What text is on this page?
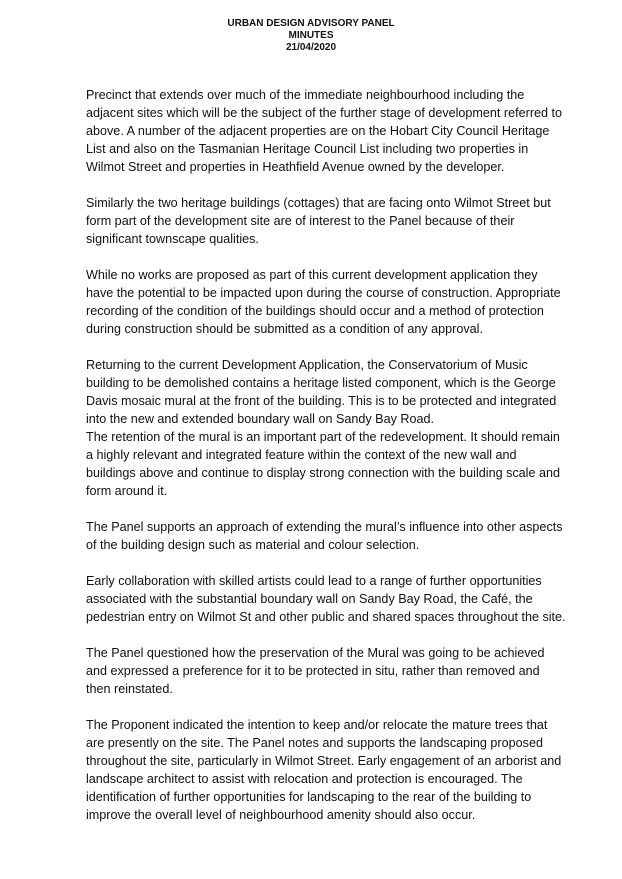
URBAN DESIGN ADVISORY PANEL
MINUTES
21/04/2020

Precinct that extends over much of the immediate neighbourhood including the adjacent sites which will be the subject of the further stage of development referred to above. A number of the adjacent properties are on the Hobart City Council Heritage List and also on the Tasmanian Heritage Council List including two properties in Wilmot Street and properties in Heathfield Avenue owned by the developer.

Similarly the two heritage buildings (cottages) that are facing onto Wilmot Street but form part of the development site are of interest to the Panel because of their significant townscape qualities.

While no works are proposed as part of this current development application they have the potential to be impacted upon during the course of construction. Appropriate recording of the condition of the buildings should occur and a method of protection during construction should be submitted as a condition of any approval.

Returning to the current Development Application, the Conservatorium of Music building to be demolished contains a heritage listed component, which is the George Davis mosaic mural at the front of the building. This is to be protected and integrated into the new and extended boundary wall on Sandy Bay Road.

The retention of the mural is an important part of the redevelopment. It should remain a highly relevant and integrated feature within the context of the new wall and buildings above and continue to display strong connection with the building scale and form around it.

The Panel supports an approach of extending the mural’s influence into other aspects of the building design such as material and colour selection.

Early collaboration with skilled artists could lead to a range of further opportunities associated with the substantial boundary wall on Sandy Bay Road, the Café, the pedestrian entry on Wilmot St and other public and shared spaces throughout the site.

The Panel questioned how the preservation of the Mural was going to be achieved and expressed a preference for it to be protected in situ, rather than removed and then reinstated.

The Proponent indicated the intention to keep and/or relocate the mature trees that are presently on the site. The Panel notes and supports the landscaping proposed throughout the site, particularly in Wilmot Street. Early engagement of an arborist and landscape architect to assist with relocation and protection is encouraged. The identification of further opportunities for landscaping to the rear of the building to improve the overall level of neighbourhood amenity should also occur.
